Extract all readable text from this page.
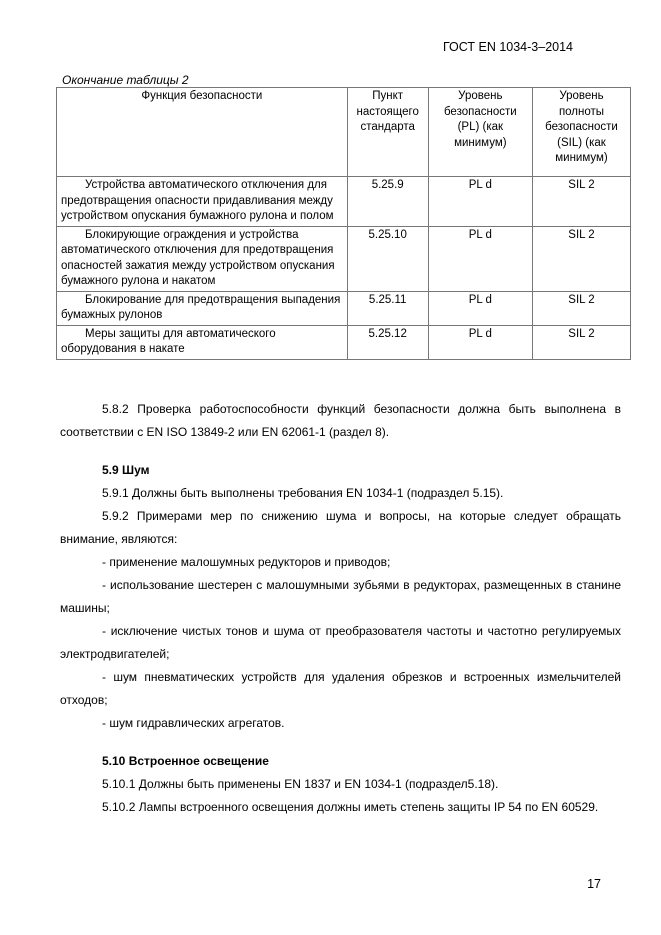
ГОСТ EN 1034-3–2014
Окончание таблицы 2
Функция безопасности	Пункт настоящего стандарта	Уровень безопасности (PL) (как минимум)	Уровень полноты безопасности (SIL) (как минимум)
Устройства автоматического отключения для предотвращения опасности придавливания между устройством опускания бумажного рулона и полом	5.25.9	PL d	SIL 2
Блокирующие ограждения и устройства автоматического отключения для предотвращения опасностей зажатия между устройством опускания бумажного рулона и накатом	5.25.10	PL d	SIL 2
Блокирование для предотвращения выпадения бумажных рулонов	5.25.11	PL d	SIL 2
Меры защиты для автоматического оборудования в накате	5.25.12	PL d	SIL 2

5.8.2 Проверка работоспособности функций безопасности должна быть выполнена в соответствии с EN ISO 13849-2 или EN 62061-1 (раздел 8).

5.9 Шум

5.9.1 Должны быть выполнены требования EN 1034-1 (подраздел 5.15).

5.9.2 Примерами мер по снижению шума и вопросы, на которые следует обращать внимание, являются:

- применение малошумных редукторов и приводов;

- использование шестерен с малошумными зубьями в редукторах, размещенных в станине машины;

- исключение чистых тонов и шума от преобразователя частоты и частотно регулируемых электродвигателей;

- шум пневматических устройств для удаления обрезков и встроенных измельчителей отходов;

- шум гидравлических агрегатов.

5.10 Встроенное освещение

5.10.1 Должны быть применены EN 1837 и EN 1034-1 (подраздел5.18).

5.10.2 Лампы встроенного освещения должны иметь степень защиты IP 54 по EN 60529.

17
